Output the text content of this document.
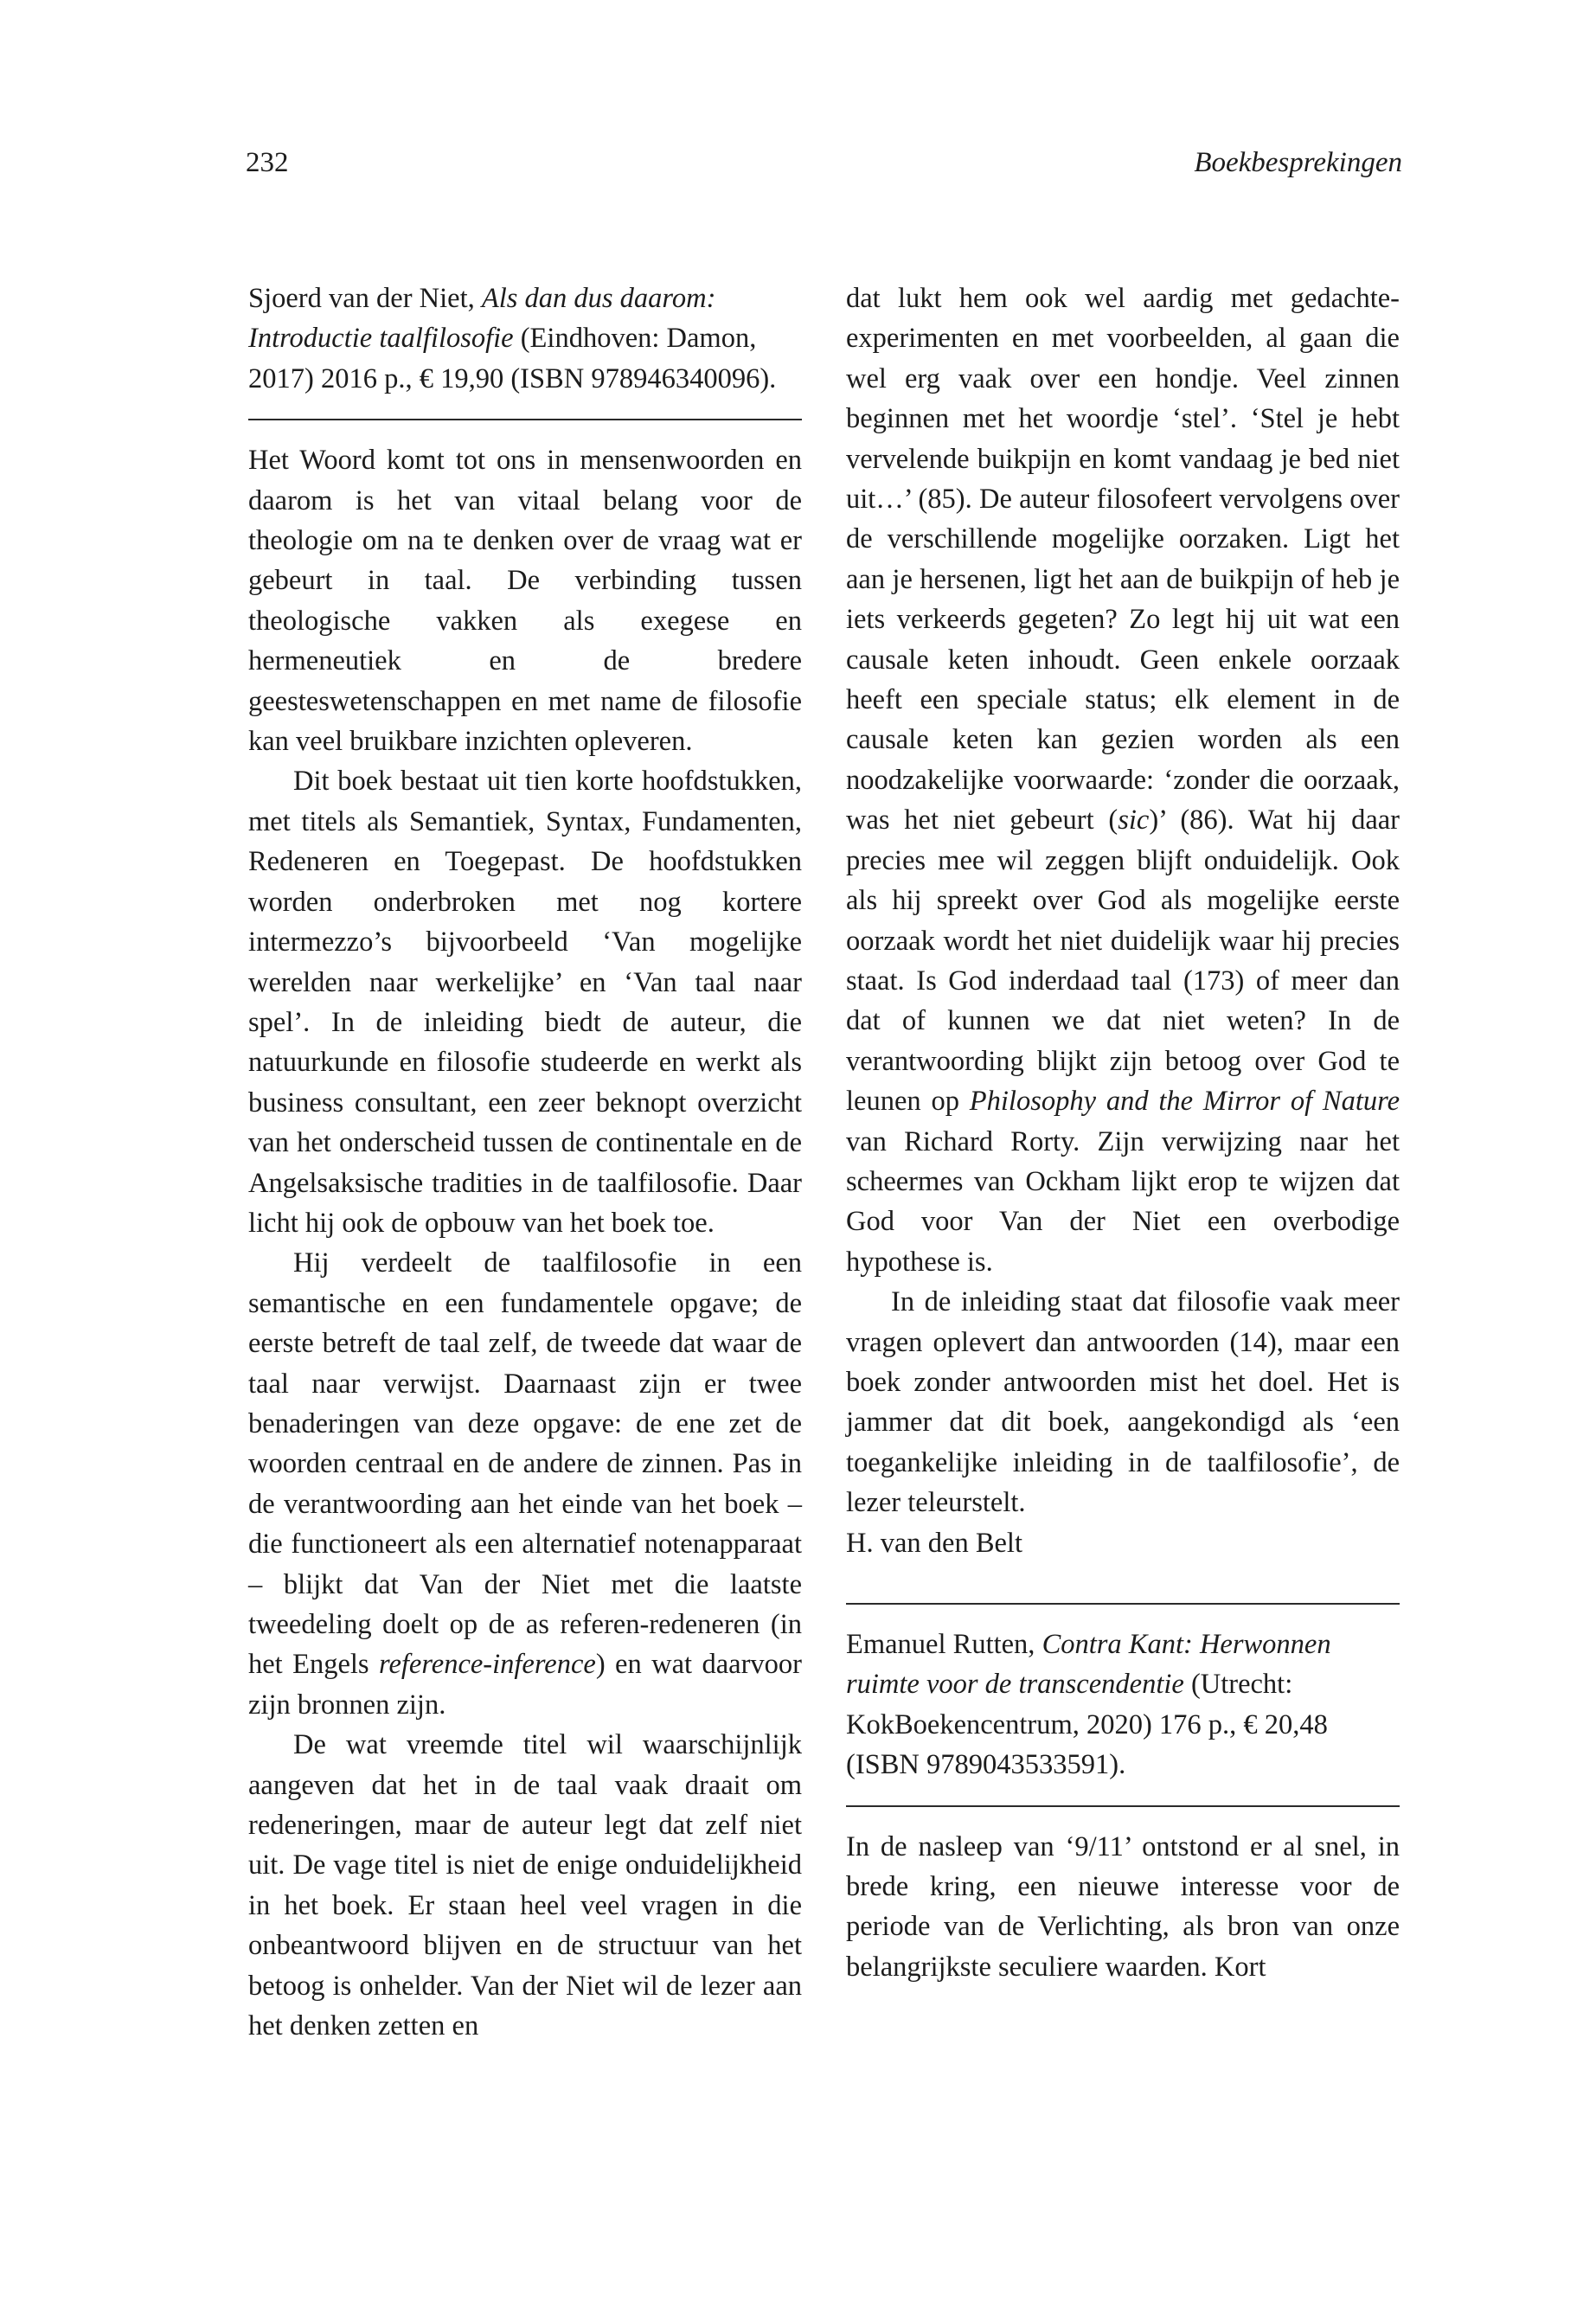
232	Boekbesprekingen

Sjoerd van der Niet, Als dan dus daarom: Introductie taalfilosofie (Eindhoven: Damon, 2017) 2016 p., € 19,90 (ISBN 978946340096).

Het Woord komt tot ons in mensenwoorden en daarom is het van vitaal belang voor de theologie om na te denken over de vraag wat er gebeurt in taal. De verbinding tussen theologische vakken als exegese en hermeneutiek en de bredere geesteswetenschappen en met name de filosofie kan veel bruikbare inzichten opleveren.

Dit boek bestaat uit tien korte hoofdstukken, met titels als Semantiek, Syntax, Fundamenten, Redeneren en Toegepast. De hoofdstukken worden onderbroken met nog kortere intermezzo’s bijvoorbeeld ‘Van mogelijke werelden naar werkelijke’ en ‘Van taal naar spel’. In de inleiding biedt de auteur, die natuurkunde en filosofie studeerde en werkt als business consultant, een zeer beknopt overzicht van het onderscheid tussen de continentale en de Angelsaksische tradities in de taalfilosofie. Daar licht hij ook de opbouw van het boek toe.

Hij verdeelt de taalfilosofie in een semantische en een fundamentele opgave; de eerste betreft de taal zelf, de tweede dat waar de taal naar verwijst. Daarnaast zijn er twee benaderingen van deze opgave: de ene zet de woorden centraal en de andere de zinnen. Pas in de verantwoording aan het einde van het boek – die functioneert als een alternatief notenapparaat – blijkt dat Van der Niet met die laatste tweedeling doelt op de as referen-redeneren (in het Engels reference-inference) en wat daarvoor zijn bronnen zijn.

De wat vreemde titel wil waarschijnlijk aangeven dat het in de taal vaak draait om redeneringen, maar de auteur legt dat zelf niet uit. De vage titel is niet de enige onduidelijkheid in het boek. Er staan heel veel vragen in die onbeantwoord blijven en de structuur van het betoog is onhelder. Van der Niet wil de lezer aan het denken zetten en

dat lukt hem ook wel aardig met gedachte-experimenten en met voorbeelden, al gaan die wel erg vaak over een hondje. Veel zinnen beginnen met het woordje ‘stel’. ‘Stel je hebt vervelende buikpijn en komt vandaag je bed niet uit…’ (85). De auteur filosofeert vervolgens over de verschillende mogelijke oorzaken. Ligt het aan je hersenen, ligt het aan de buikpijn of heb je iets verkeerds gegeten? Zo legt hij uit wat een causale keten inhoudt. Geen enkele oorzaak heeft een speciale status; elk element in de causale keten kan gezien worden als een noodzakelijke voorwaarde: ‘zonder die oorzaak, was het niet gebeurt (sic)’ (86). Wat hij daar precies mee wil zeggen blijft onduidelijk. Ook als hij spreekt over God als mogelijke eerste oorzaak wordt het niet duidelijk waar hij precies staat. Is God inderdaad taal (173) of meer dan dat of kunnen we dat niet weten? In de verantwoording blijkt zijn betoog over God te leunen op Philosophy and the Mirror of Nature van Richard Rorty. Zijn verwijzing naar het scheermes van Ockham lijkt erop te wijzen dat God voor Van der Niet een overbodige hypothese is.

In de inleiding staat dat filosofie vaak meer vragen oplevert dan antwoorden (14), maar een boek zonder antwoorden mist het doel. Het is jammer dat dit boek, aangekondigd als ‘een toegankelijke inleiding in de taalfilosofie’, de lezer teleurstelt.

H. van den Belt

Emanuel Rutten, Contra Kant: Herwonnen ruimte voor de transcendentie (Utrecht: KokBoekencentrum, 2020) 176 p., € 20,48 (ISBN 9789043533591).

In de nasleep van ‘9/11’ ontstond er al snel, in brede kring, een nieuwe interesse voor de periode van de Verlichting, als bron van onze belangrijkste seculiere waarden. Kort
